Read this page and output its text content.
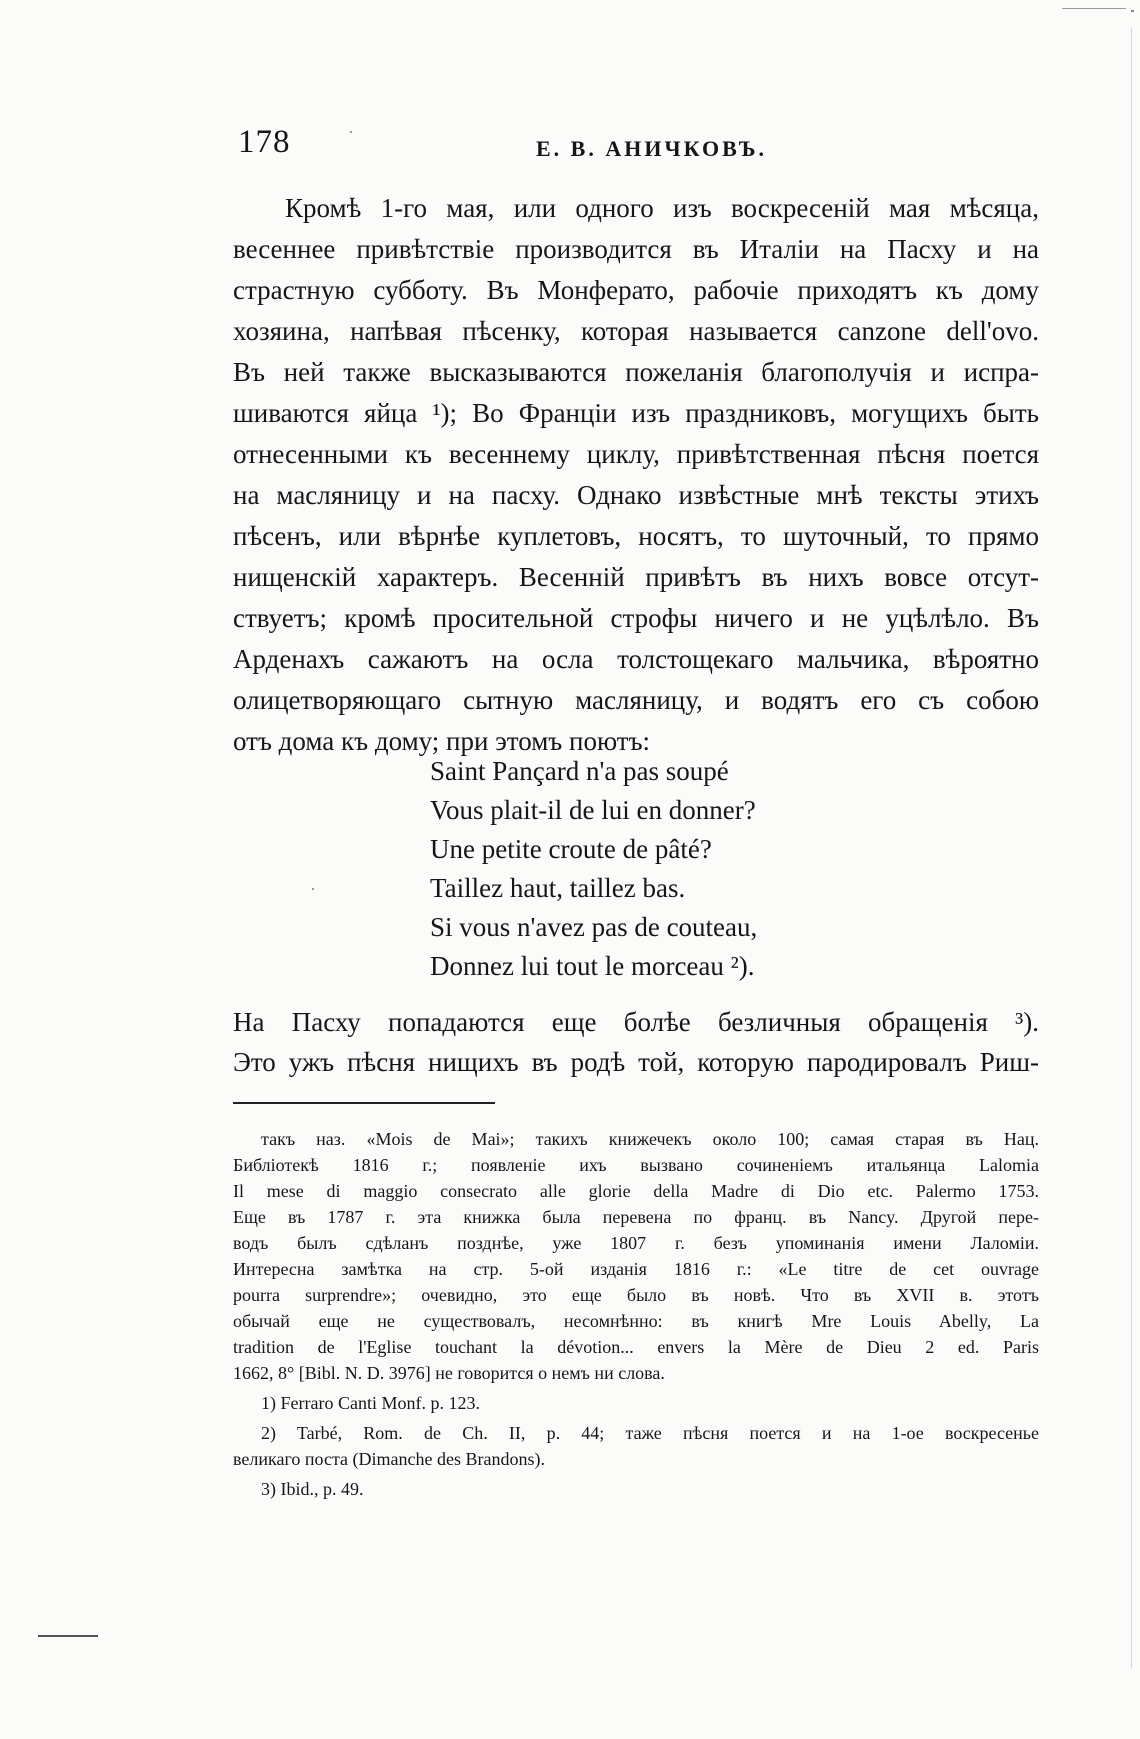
178	Е. В. АНИЧКОВЪ.
Кромѣ 1-го мая, или одного изъ воскресеній мая мѣсяца,
весеннее привѣтствіе производится въ Италіи на Пасху и на
страстную субботу. Въ Монферато, рабочіе приходятъ къ дому
хозяина, напѣвая пѣсенку, которая называется canzone dell'ovo.
Въ ней также высказываются пожеланія благополучія и испра-
шиваются яйца ¹); Во Франціи изъ праздниковъ, могущихъ быть
отнесенными къ весеннему циклу, привѣтственная пѣсня поется
на масляницу и на пасху. Однако извѣстные мнѣ тексты этихъ
пѣсенъ, или вѣрнѣе куплетовъ, носятъ, то шуточный, то прямо
нищенскій характеръ. Весенній привѣтъ въ нихъ вовсе отсут-
ствуетъ; кромѣ просительной строфы ничего и не уцѣлѣло. Въ
Арденахъ сажаютъ на осла толстощекаго мальчика, вѣроятно
олицетворяющаго сытную масляницу, и водятъ его съ собою
отъ дома къ дому; при этомъ поютъ:
Saint Pançard n'a pas soupé
Vous plait-il de lui en donner?
Une petite croute de pâté?
Taillez haut, taillez bas.
Si vous n'avez pas de couteau,
Donnez lui tout le morceau ²).
На Пасху попадаются еще болѣе безличныя обращенія ³).
Это ужъ пѣсня нищихъ въ родѣ той, которую пародировалъ Риш-
такъ наз. «Mois de Mai»; такихъ книжечекъ около 100; самая старая въ Нац.
Библіотекѣ 1816 г.; появленіе ихъ вызвано сочиненіемъ итальянца Lalomia
Il mese di maggio consecrato alle glorie della Madre di Dio etc. Palermo 1753.
Еще въ 1787 г. эта книжка была перевена по франц. въ Nancy. Другой пере-
водъ былъ сдѣланъ позднѣе, уже 1807 г. безъ упоминанія имени Лаломіи.
Интересна замѣтка на стр. 5-ой изданія 1816 г.: «Le titre de cet ouvrage
pourra surprendre»; очевидно, это еще было въ новѣ. Что въ XVII в. этотъ
обычай еще не существовалъ, несомнѣнно: въ книгѣ Mre Louis Abelly, La
tradition de l'Eglise touchant la dévotion... envers la Mère de Dieu 2 ed. Paris
1662, 8° [Bibl. N. D. 3976] не говорится о немъ ни слова.
1) Ferraro Canti Monf. p. 123.
2) Tarbé, Rom. de Ch. II, p. 44; таже пѣсня поется и на 1-ое воскресенье
великаго поста (Dimanche des Brandons).
3) Ibid., p. 49.
